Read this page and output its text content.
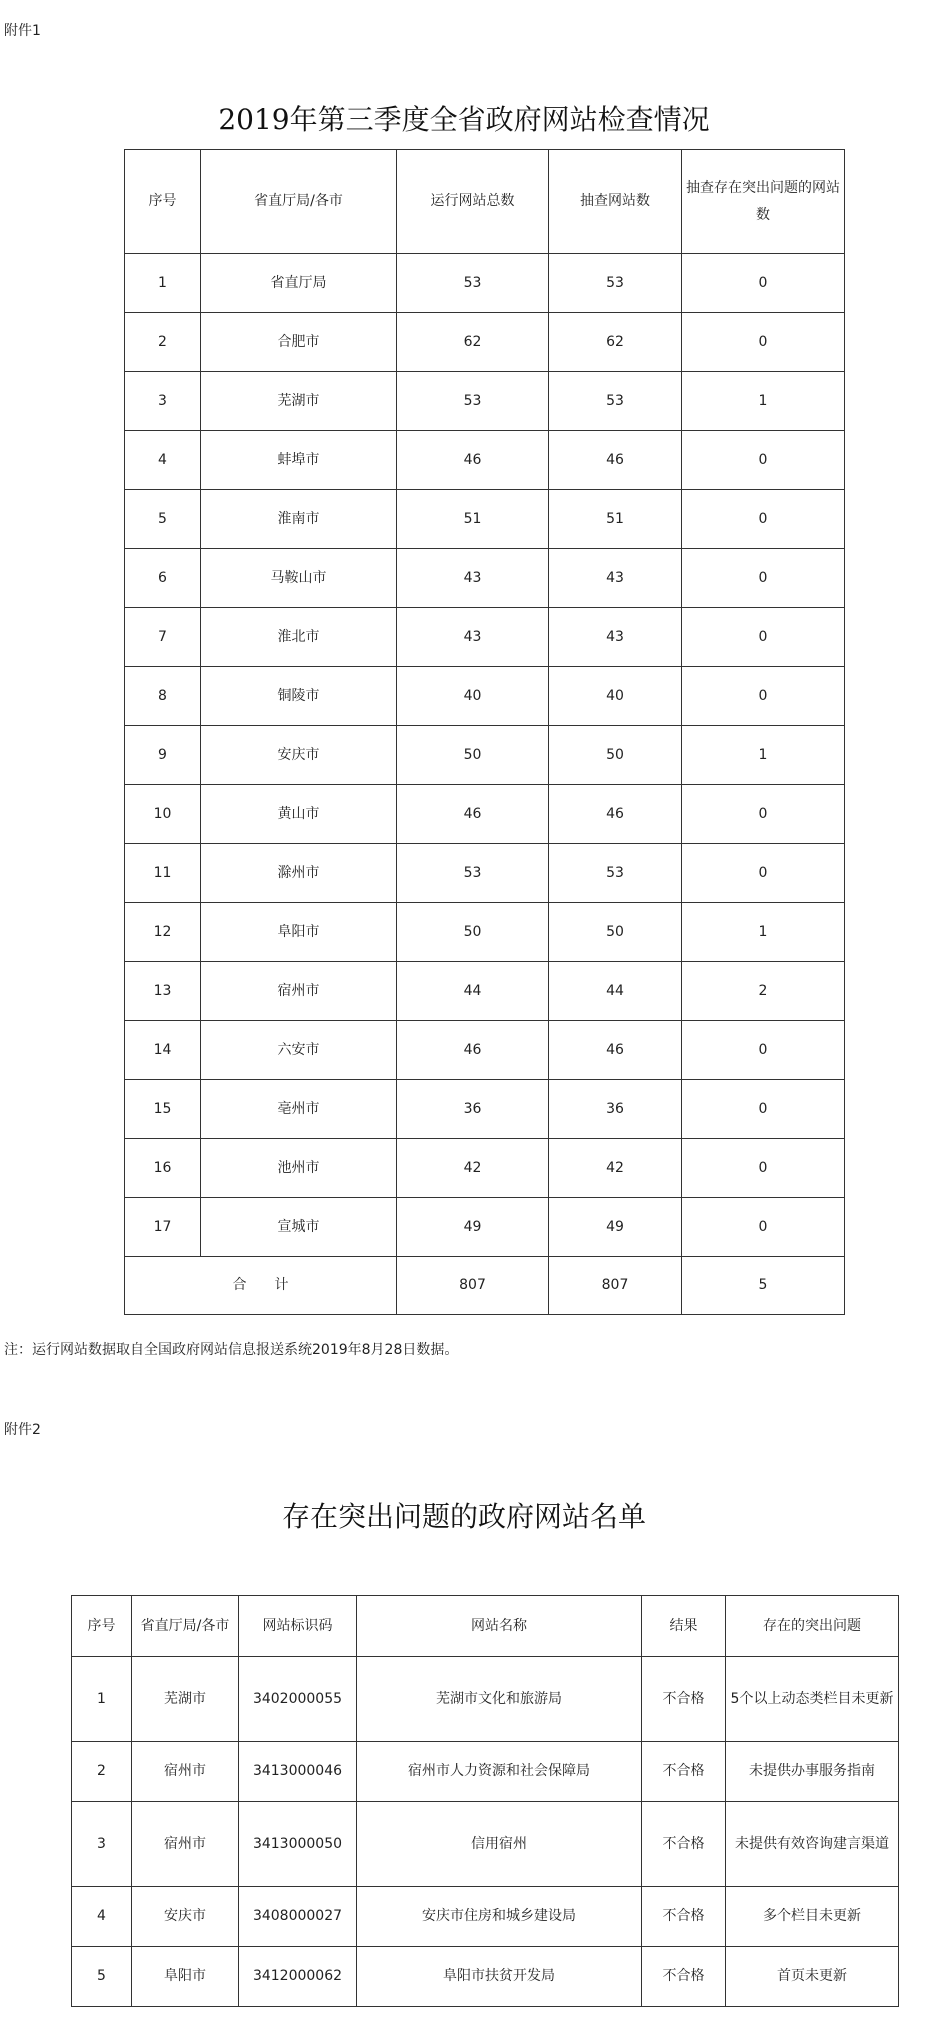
附件1
2019年第三季度全省政府网站检查情况
序号	省直厅局/各市	运行网站总数	抽查网站数	抽查存在突出问题的网站数
1	省直厅局	53	53	0
2	合肥市	62	62	0
3	芜湖市	53	53	1
4	蚌埠市	46	46	0
5	淮南市	51	51	0
6	马鞍山市	43	43	0
7	淮北市	43	43	0
8	铜陵市	40	40	0
9	安庆市	50	50	1
10	黄山市	46	46	0
11	滁州市	53	53	0
12	阜阳市	50	50	1
13	宿州市	44	44	2
14	六安市	46	46	0
15	亳州市	36	36	0
16	池州市	42	42	0
17	宣城市	49	49	0
合　　计		807	807	5
注：运行网站数据取自全国政府网站信息报送系统2019年8月28日数据。
附件2
存在突出问题的政府网站名单
序号	省直厅局/各市	网站标识码	网站名称	结果	存在的突出问题
1	芜湖市	3402000055	芜湖市文化和旅游局	不合格	5个以上动态类栏目未更新
2	宿州市	3413000046	宿州市人力资源和社会保障局	不合格	未提供办事服务指南
3	宿州市	3413000050	信用宿州	不合格	未提供有效咨询建言渠道
4	安庆市	3408000027	安庆市住房和城乡建设局	不合格	多个栏目未更新
5	阜阳市	3412000062	阜阳市扶贫开发局	不合格	首页未更新
